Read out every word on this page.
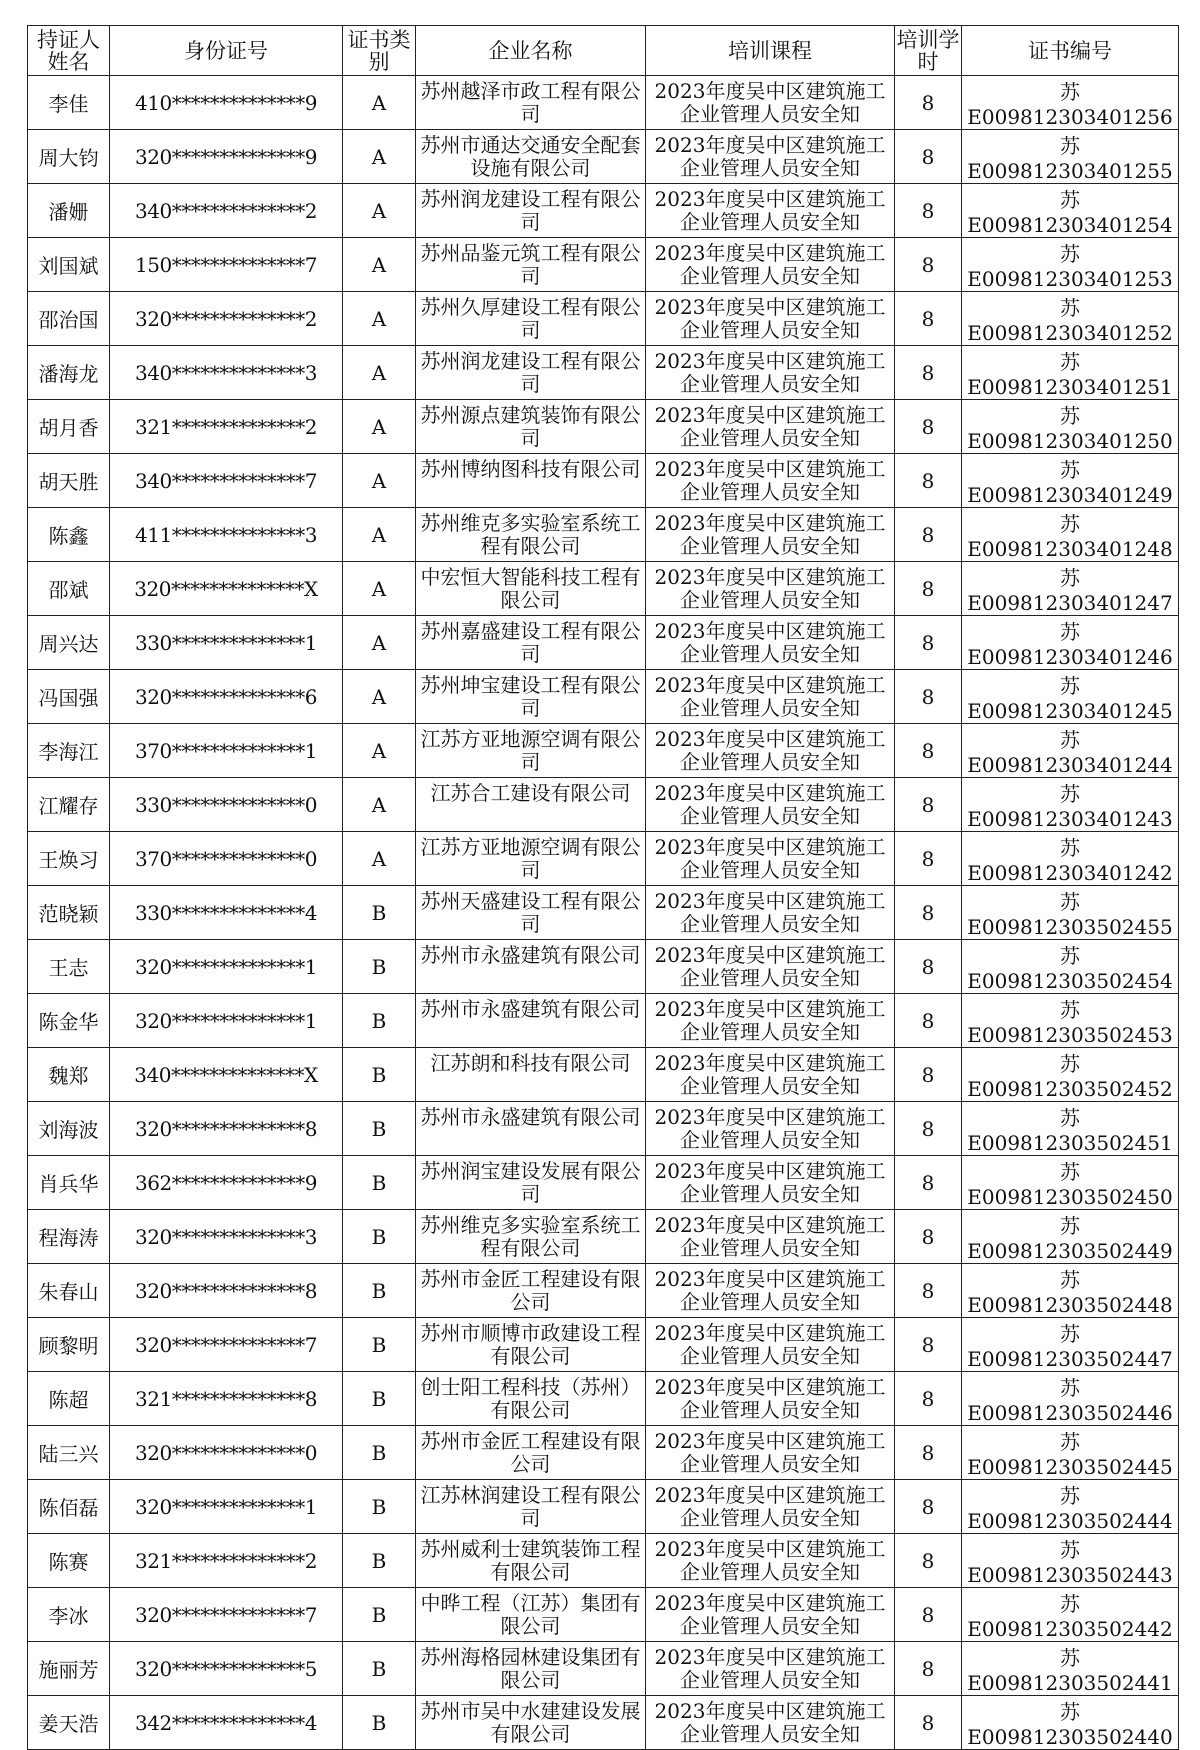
持证人姓名	身份证号	证书类别	企业名称	培训课程	培训学时	证书编号
李佳	410**************9	A	苏州越泽市政工程有限公司	2023年度吴中区建筑施工企业管理人员安全知	8	苏E009812303401256
周大钧	320**************9	A	苏州市通达交通安全配套设施有限公司	2023年度吴中区建筑施工企业管理人员安全知	8	苏E009812303401255
潘姗	340**************2	A	苏州润龙建设工程有限公司	2023年度吴中区建筑施工企业管理人员安全知	8	苏E009812303401254
刘国斌	150**************7	A	苏州品鉴元筑工程有限公司	2023年度吴中区建筑施工企业管理人员安全知	8	苏E009812303401253
邵治国	320**************2	A	苏州久厚建设工程有限公司	2023年度吴中区建筑施工企业管理人员安全知	8	苏E009812303401252
潘海龙	340**************3	A	苏州润龙建设工程有限公司	2023年度吴中区建筑施工企业管理人员安全知	8	苏E009812303401251
胡月香	321**************2	A	苏州源点建筑装饰有限公司	2023年度吴中区建筑施工企业管理人员安全知	8	苏E009812303401250
胡天胜	340**************7	A	苏州博纳图科技有限公司	2023年度吴中区建筑施工企业管理人员安全知	8	苏E009812303401249
陈鑫	411**************3	A	苏州维克多实验室系统工程有限公司	2023年度吴中区建筑施工企业管理人员安全知	8	苏E009812303401248
邵斌	320**************X	A	中宏恒大智能科技工程有限公司	2023年度吴中区建筑施工企业管理人员安全知	8	苏E009812303401247
周兴达	330**************1	A	苏州嘉盛建设工程有限公司	2023年度吴中区建筑施工企业管理人员安全知	8	苏E009812303401246
冯国强	320**************6	A	苏州坤宝建设工程有限公司	2023年度吴中区建筑施工企业管理人员安全知	8	苏E009812303401245
李海江	370**************1	A	江苏方亚地源空调有限公司	2023年度吴中区建筑施工企业管理人员安全知	8	苏E009812303401244
江耀存	330**************0	A	江苏合工建设有限公司	2023年度吴中区建筑施工企业管理人员安全知	8	苏E009812303401243
王焕习	370**************0	A	江苏方亚地源空调有限公司	2023年度吴中区建筑施工企业管理人员安全知	8	苏E009812303401242
范晓颖	330**************4	B	苏州天盛建设工程有限公司	2023年度吴中区建筑施工企业管理人员安全知	8	苏E009812303502455
王志	320**************1	B	苏州市永盛建筑有限公司	2023年度吴中区建筑施工企业管理人员安全知	8	苏E009812303502454
陈金华	320**************1	B	苏州市永盛建筑有限公司	2023年度吴中区建筑施工企业管理人员安全知	8	苏E009812303502453
魏郑	340**************X	B	江苏朗和科技有限公司	2023年度吴中区建筑施工企业管理人员安全知	8	苏E009812303502452
刘海波	320**************8	B	苏州市永盛建筑有限公司	2023年度吴中区建筑施工企业管理人员安全知	8	苏E009812303502451
肖兵华	362**************9	B	苏州润宝建设发展有限公司	2023年度吴中区建筑施工企业管理人员安全知	8	苏E009812303502450
程海涛	320**************3	B	苏州维克多实验室系统工程有限公司	2023年度吴中区建筑施工企业管理人员安全知	8	苏E009812303502449
朱春山	320**************8	B	苏州市金匠工程建设有限公司	2023年度吴中区建筑施工企业管理人员安全知	8	苏E009812303502448
顾黎明	320**************7	B	苏州市顺博市政建设工程有限公司	2023年度吴中区建筑施工企业管理人员安全知	8	苏E009812303502447
陈超	321**************8	B	创士阳工程科技（苏州）有限公司	2023年度吴中区建筑施工企业管理人员安全知	8	苏E009812303502446
陆三兴	320**************0	B	苏州市金匠工程建设有限公司	2023年度吴中区建筑施工企业管理人员安全知	8	苏E009812303502445
陈佰磊	320**************1	B	江苏林润建设工程有限公司	2023年度吴中区建筑施工企业管理人员安全知	8	苏E009812303502444
陈赛	321**************2	B	苏州威利士建筑装饰工程有限公司	2023年度吴中区建筑施工企业管理人员安全知	8	苏E009812303502443
李冰	320**************7	B	中晔工程（江苏）集团有限公司	2023年度吴中区建筑施工企业管理人员安全知	8	苏E009812303502442
施丽芳	320**************5	B	苏州海格园林建设集团有限公司	2023年度吴中区建筑施工企业管理人员安全知	8	苏E009812303502441
姜天浩	342**************4	B	苏州市吴中水建建设发展有限公司	2023年度吴中区建筑施工企业管理人员安全知	8	苏E009812303502440
